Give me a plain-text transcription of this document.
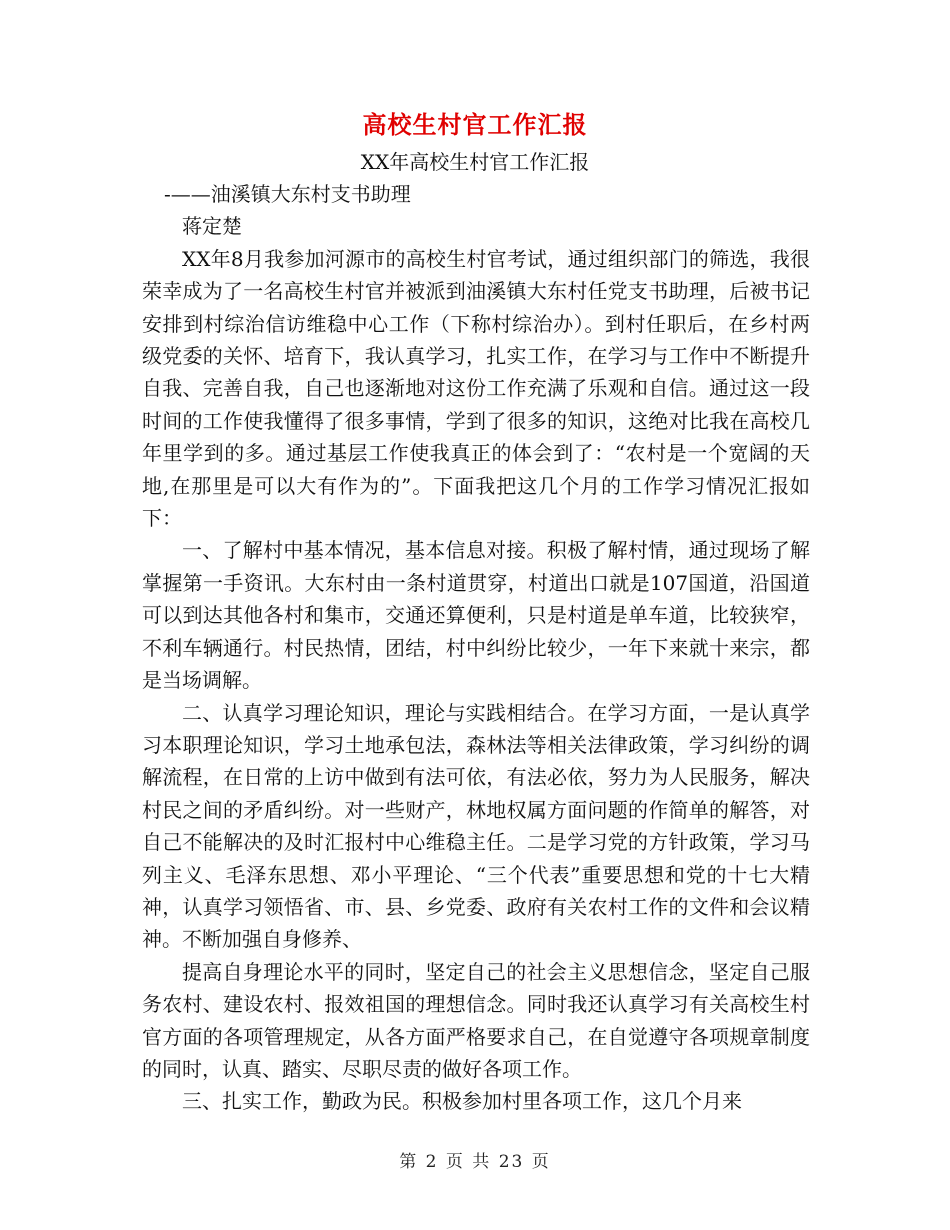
高校生村官工作汇报
XX年高校生村官工作汇报

-——油溪镇大东村支书助理

蒋定楚

XX年8月我参加河源市的高校生村官考试，通过组织部门的筛选，我很荣幸成为了一名高校生村官并被派到油溪镇大东村任党支书助理，后被书记安排到村综治信访维稳中心工作（下称村综治办）。到村任职后，在乡村两级党委的关怀、培育下，我认真学习，扎实工作，在学习与工作中不断提升自我、完善自我，自己也逐渐地对这份工作充满了乐观和自信。通过这一段时间的工作使我懂得了很多事情，学到了很多的知识，这绝对比我在高校几年里学到的多。通过基层工作使我真正的体会到了：“农村是一个宽阔的天地,在那里是可以大有作为的”。下面我把这几个月的工作学习情况汇报如下：

一、了解村中基本情况，基本信息对接。积极了解村情，通过现场了解掌握第一手资讯。大东村由一条村道贯穿，村道出口就是107国道，沿国道可以到达其他各村和集市，交通还算便利，只是村道是单车道，比较狭窄，不利车辆通行。村民热情，团结，村中纠纷比较少，一年下来就十来宗，都是当场调解。

二、认真学习理论知识，理论与实践相结合。在学习方面，一是认真学习本职理论知识，学习土地承包法，森林法等相关法律政策，学习纠纷的调解流程，在日常的上访中做到有法可依，有法必依，努力为人民服务，解决村民之间的矛盾纠纷。对一些财产，林地权属方面问题的作简单的解答，对自己不能解决的及时汇报村中心维稳主任。二是学习党的方针政策，学习马列主义、毛泽东思想、邓小平理论、“三个代表”重要思想和党的十七大精神，认真学习领悟省、市、县、乡党委、政府有关农村工作的文件和会议精神。不断加强自身修养、

提高自身理论水平的同时，坚定自己的社会主义思想信念，坚定自己服务农村、建设农村、报效祖国的理想信念。同时我还认真学习有关高校生村官方面的各项管理规定，从各方面严格要求自己，在自觉遵守各项规章制度的同时，认真、踏实、尽职尽责的做好各项工作。

三、扎实工作，勤政为民。积极参加村里各项工作，这几个月来

第 2 页 共 23 页
